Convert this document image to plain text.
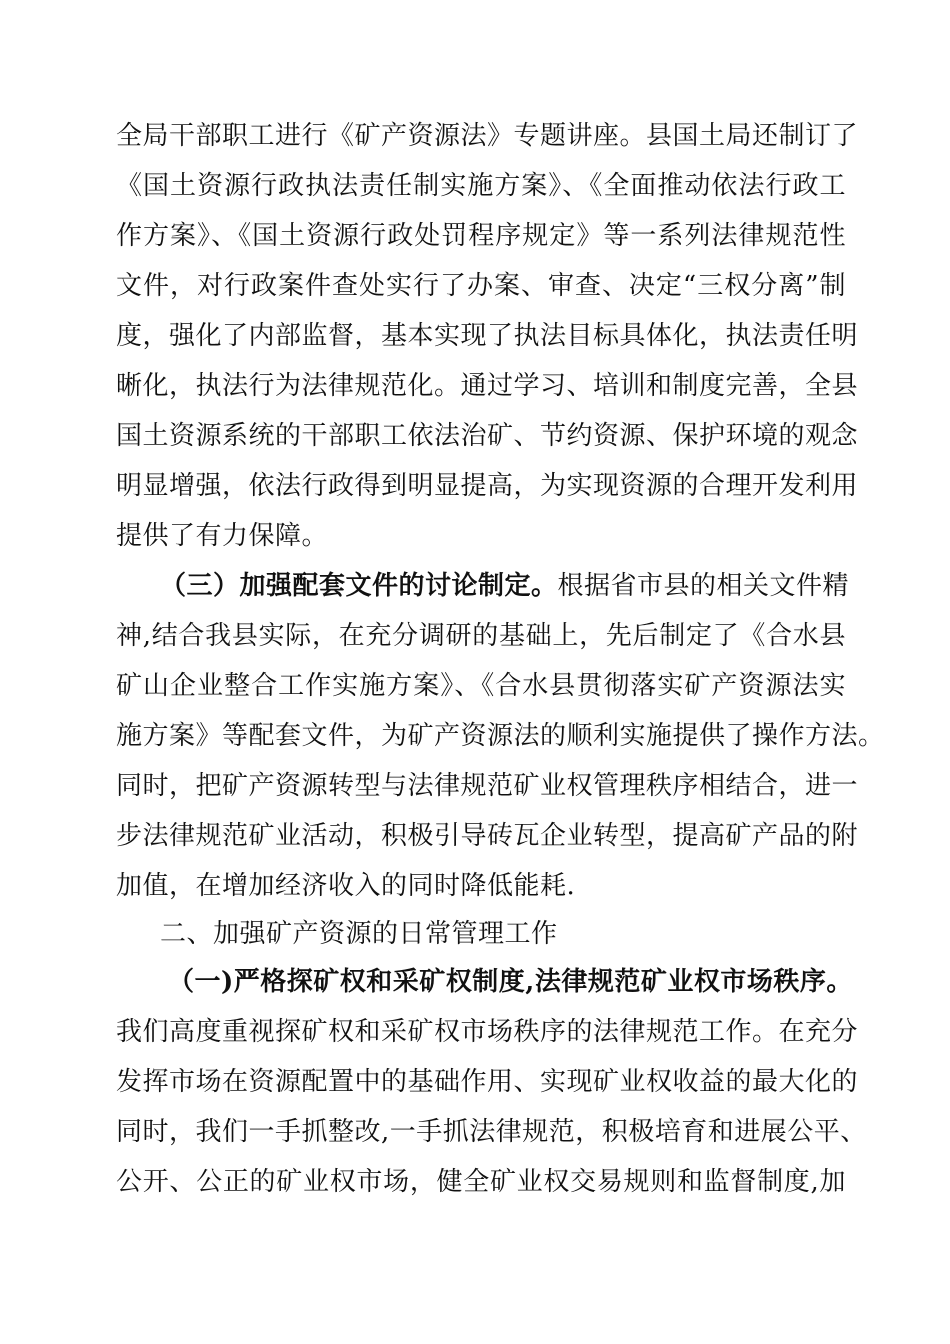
全局干部职工进行《矿产资源法》专题讲座。县国土局还制订了
《国土资源行政执法责任制实施方案》、《全面推动依法行政工
作方案》、《国土资源行政处罚程序规定》等一系列法律规范性
文件，对行政案件查处实行了办案、审查、决定“三权分离”制
度，强化了内部监督，基本实现了执法目标具体化，执法责任明
晰化，执法行为法律规范化。通过学习、培训和制度完善，全县
国土资源系统的干部职工依法治矿、节约资源、保护环境的观念
明显增强，依法行政得到明显提高，为实现资源的合理开发利用
提供了有力保障。
（三）加强配套文件的讨论制定。根据省市县的相关文件精
神,结合我县实际，在充分调研的基础上，先后制定了《合水县
矿山企业整合工作实施方案》、《合水县贯彻落实矿产资源法实
施方案》等配套文件，为矿产资源法的顺利实施提供了操作方法。
同时，把矿产资源转型与法律规范矿业权管理秩序相结合，进一
步法律规范矿业活动，积极引导砖瓦企业转型，提高矿产品的附
加值，在增加经济收入的同时降低能耗.
二、加强矿产资源的日常管理工作
（一)严格探矿权和采矿权制度,法律规范矿业权市场秩序。
我们高度重视探矿权和采矿权市场秩序的法律规范工作。在充分
发挥市场在资源配置中的基础作用、实现矿业权收益的最大化的
同时，我们一手抓整改,一手抓法律规范，积极培育和进展公平、
公开、公正的矿业权市场，健全矿业权交易规则和监督制度,加
